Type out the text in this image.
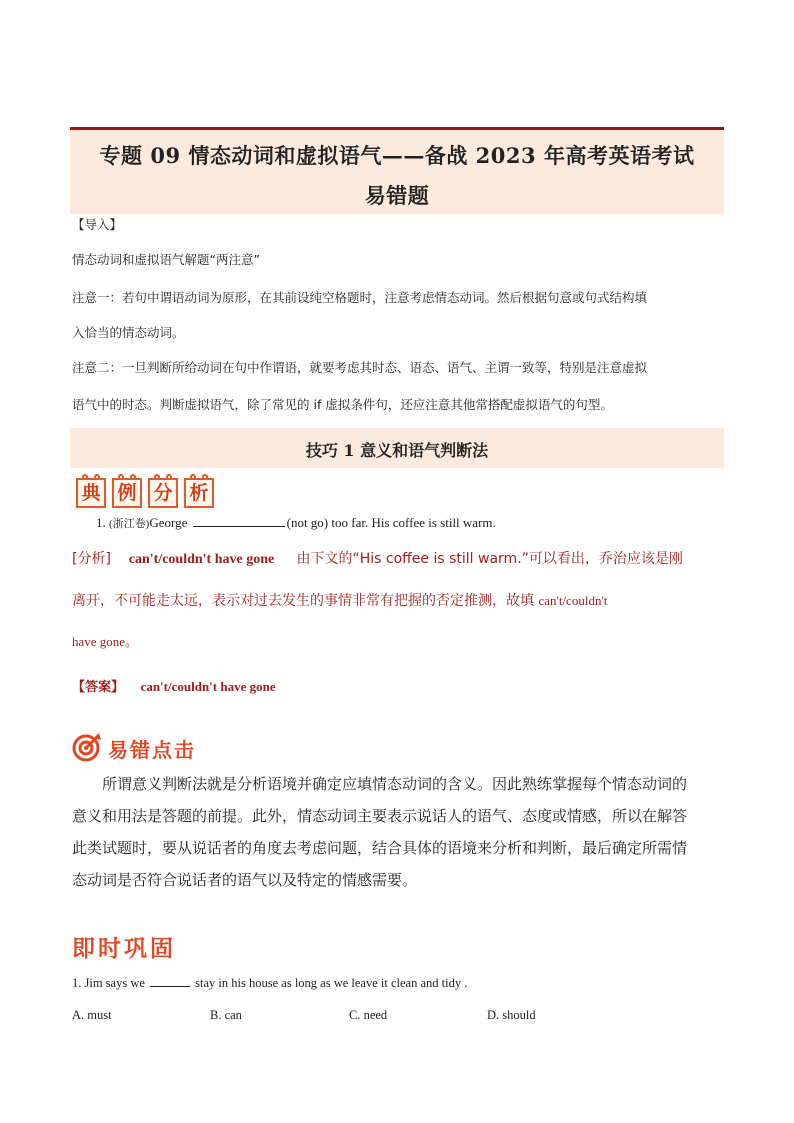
专题 09 情态动词和虚拟语气——备战 2023 年高考英语考试
易错题
【导入】
情态动词和虚拟语气解题“两注意”
注意一：若句中谓语动词为原形，在其前设纯空格题时，注意考虑情态动词。然后根据句意或句式结构填
入恰当的情态动词。
注意二：一旦判断所给动词在句中作谓语，就要考虑其时态、语态、语气、主谓一致等，特别是注意虚拟
语气中的时态。判断虚拟语气，除了常见的 if 虚拟条件句，还应注意其他常搭配虚拟语气的句型。
技巧 1 意义和语气判断法
典 例 分 析
1. (浙江卷)George	(not go) too far. His coffee is still warm.
[分析] can't/couldn't have gone 由下文的“His coffee is still warm.”可以看出，乔治应该是刚
离开，不可能走太远，表示对过去发生的事情非常有把握的否定推测，故填 can't/couldn't
have gone。
【答案】 can't/couldn't have gone
易错点击
所谓意义判断法就是分析语境并确定应填情态动词的含义。因此熟练掌握每个情态动词的
意义和用法是答题的前提。此外，情态动词主要表示说话人的语气、态度或情感，所以在解答
此类试题时，要从说话者的角度去考虑问题，结合具体的语境来分析和判断，最后确定所需情
态动词是否符合说话者的语气以及特定的情感需要。
即时巩固
1. Jim says we	stay in his house as long as we leave it clean and tidy .
A. must	B. can	C. need	D. should
